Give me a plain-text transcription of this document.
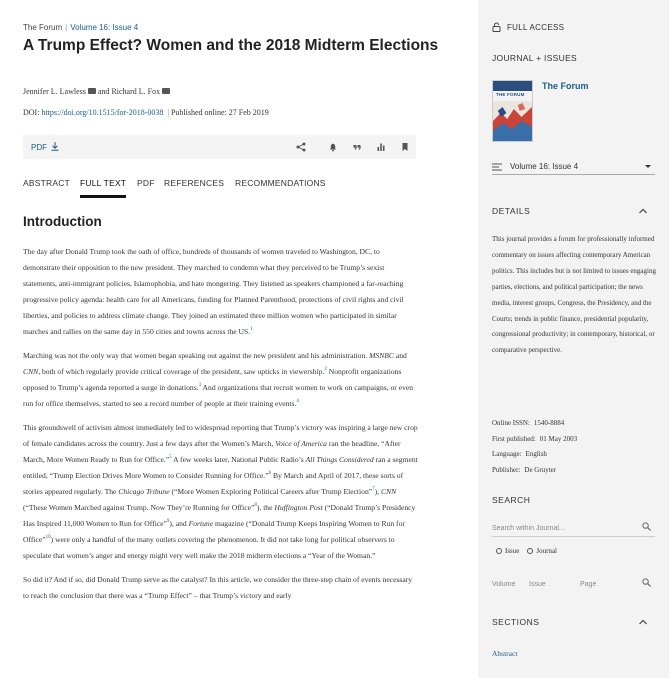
The Forum | Volume 16: Issue 4
A Trump Effect? Women and the 2018 Midterm Elections
Jennifer L. Lawless and Richard L. Fox
DOI: https://doi.org/10.1515/for-2018-0038 | Published online: 27 Feb 2019
PDF
ABSTRACT FULL TEXT PDF REFERENCES RECOMMENDATIONS
Introduction

The day after Donald Trump took the oath of office, hundreds of thousands of women traveled to Washington, DC, to demonstrate their opposition to the new president. They marched to condemn what they perceived to be Trump’s sexist statements, anti-immigrant policies, Islamophobia, and hate mongering. They listened as speakers championed a far-reaching progressive policy agenda: health care for all Americans, funding for Planned Parenthood, protections of civil rights and civil liberties, and policies to address climate change. They joined an estimated three million women who participated in similar marches and rallies on the same day in 550 cities and towns across the US.$^1$

Marching was not the only way that women began speaking out against the new president and his administration. MSNBC and CNN, both of which regularly provide critical coverage of the president, saw upticks in viewership.$^2$ Nonprofit organizations opposed to Trump’s agenda reported a surge in donations.$^3$ And organizations that recruit women to work on campaigns, or even run for office themselves, started to see a record number of people at their training events.$^4$

This groundswell of activism almost immediately led to widespread reporting that Trump’s victory was inspiring a large new crop of female candidates across the country. Just a few days after the Women’s March, Voice of America ran the headline, “After March, More Women Ready to Run for Office.”$^5$ A few weeks later, National Public Radio’s All Things Considered ran a segment entitled, “Trump Election Drives More Women to Consider Running for Office.”$^6$ By March and April of 2017, these sorts of stories appeared regularly. The Chicago Tribune (“More Women Exploring Political Careers after Trump Election”$^7$), CNN (“These Women Marched against Trump. Now They’re Running for Office”$^8$), the Huffington Post (“Donald Trump’s Presidency Has Inspired 11,000 Women to Run for Office”$^9$), and Fortune magazine (“Donald Trump Keeps Inspiring Women to Run for Office”$^{10}$) were only a handful of the many outlets covering the phenomenon. It did not take long for political observers to speculate that women’s anger and energy might very well make the 2018 midterm elections a “Year of the Woman.”

So did it? And if so, did Donald Trump serve as the catalyst? In this article, we consider the three-step chain of events necessary to reach the conclusion that there was a “Trump Effect” – that Trump’s victory and early

FULL ACCESS
JOURNAL + ISSUES
THE FORUM
The Forum
Volume 16: Issue 4
DETAILS
This journal provides a forum for professionally informed commentary on issues affecting contemporary American politics. This includes but is not limited to issues engaging parties, elections, and political participation; the news media, interest groups, Congress, the Presidency, and the Courts; trends in public finance, presidential popularity, congressional productivity; in contemporary, historical, or comparative perspective.
Online ISSN: 1540-8884
First published: 01 May 2003
Language: English
Publisher: De Gruyter
SEARCH
Search within Journal...
Issue Journal
Volume Issue	Page
SECTIONS
Abstract
